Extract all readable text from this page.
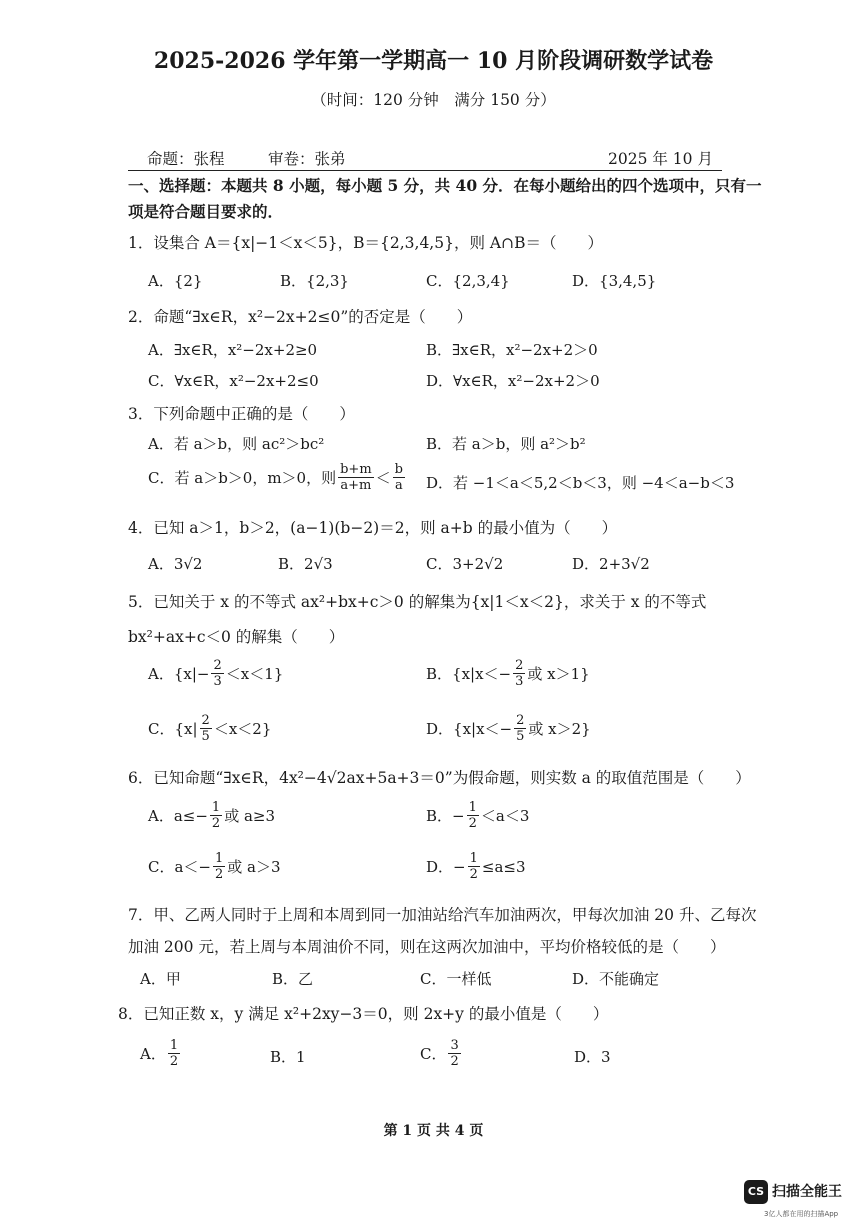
2025-2026 学年第一学期高一 10 月阶段调研数学试卷
（时间：120 分钟　满分 150 分）
命题：张程	审卷：张弟	2025 年 10 月
一、选择题：本题共 8 小题，每小题 5 分，共 40 分．在每小题给出的四个选项中，只有一
项是符合题目要求的．
1．设集合 A＝{x|−1＜x＜5}，B＝{2,3,4,5}，则 A∩B＝（　　）
A．{2}	B．{2,3}	C．{2,3,4}	D．{3,4,5}
2．命题“∃x∈R，x²−2x+2≤0”的否定是（　　）
A．∃x∈R，x²−2x+2≥0	B．∃x∈R，x²−2x+2＞0
C．∀x∈R，x²−2x+2≤0	D．∀x∈R，x²−2x+2＞0
3．下列命题中正确的是（　　）
A．若 a＞b，则 ac²＞bc²	B．若 a＞b，则 a²＞b²
C．若 a＞b＞0，m＞0，则 $\frac{b+m}{a+m} < \frac{b}{a}$ D．若 −1＜a＜5,2＜b＜3，则 −4＜a−b＜3
4．已知 a＞1，b＞2，(a−1)(b−2)＝2，则 a+b 的最小值为（　　）
A．3√2	B．2√3	C．3+2√2	D．2+3√2
5．已知关于 x 的不等式 ax²+bx+c＞0 的解集为{x|1＜x＜2}，求关于 x 的不等式
bx²+ax+c＜0 的解集（　　）
A．$\{x|- \frac{2}{3} <x<1\}$	B．{$x|x<- \frac{2}{3}$ 或 x＞1}
C．$\{x| \frac{2}{5} <x<2\}$	D．{$x|x<- \frac{2}{5}$ 或 x＞2}
6．已知命题“∃x∈R，4x²−4√2ax+5a+3＝0”为假命题，则实数 a 的取值范围是（　　）
A．$a\le- \frac{1}{2}$ 或 a≥3	B．− $\frac{1}{2} <a<3$
C．$a<- \frac{1}{2}$ 或 a＞3	D．− $\frac{1}{2} \le a\le 3$
7．甲、乙两人同时于上周和本周到同一加油站给汽车加油两次，甲每次加油 20 升、乙每次
加油 200 元，若上周与本周油价不同，则在这两次加油中，平均价格较低的是（　　）
A．甲	B．乙	C．一样低	D．不能确定
8．已知正数 x，y 满足 x²+2xy−3＝0，则 2x+y 的最小值是（　　）
A． $\frac{1}{2}$	B．1	C． $\frac{3}{2}$	D．3
第 1 页 共 4 页
CS 扫描全能王
3亿人都在用的扫描App
